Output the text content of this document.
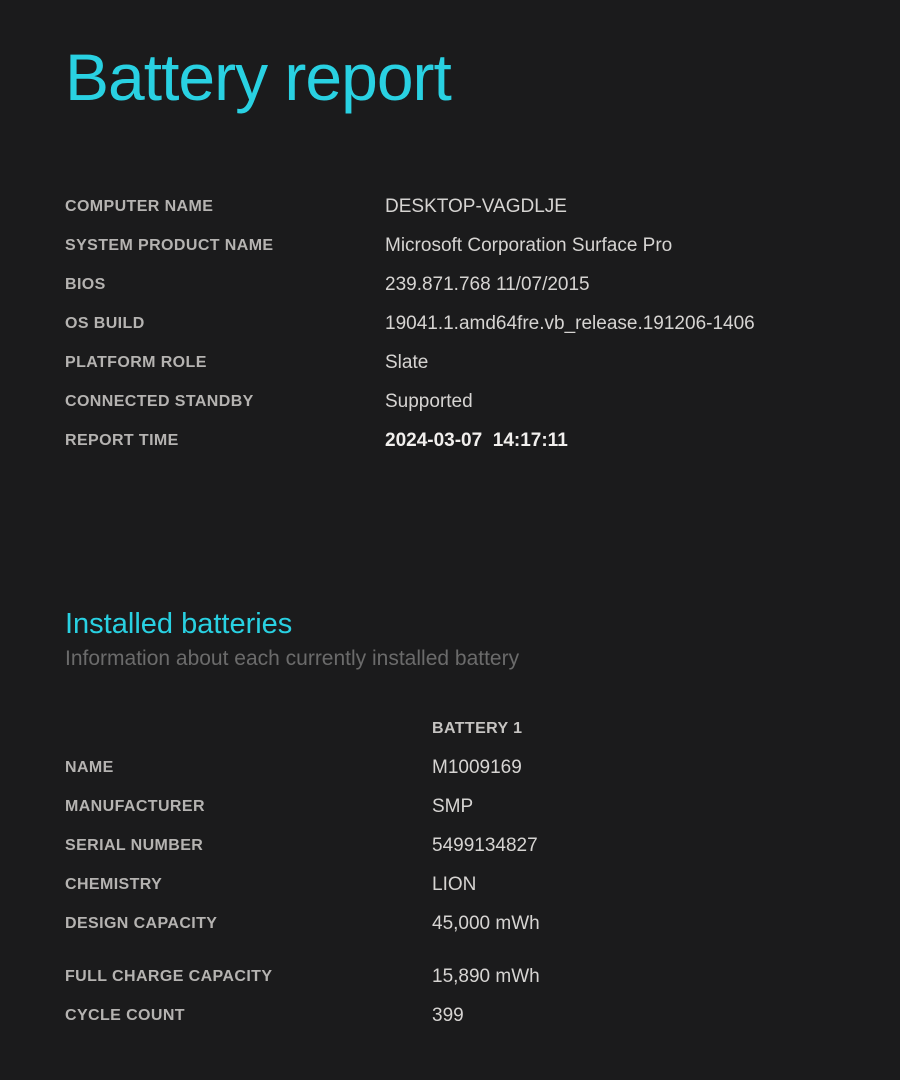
Battery report
COMPUTER NAME	DESKTOP-VAGDLJE
SYSTEM PRODUCT NAME	Microsoft Corporation Surface Pro
BIOS	239.871.768 11/07/2015
OS BUILD	19041.1.amd64fre.vb_release.191206-1406
PLATFORM ROLE	Slate
CONNECTED STANDBY	Supported
REPORT TIME	2024-03-07  14:17:11
Installed batteries
Information about each currently installed battery
BATTERY 1
NAME	M1009169
MANUFACTURER	SMP
SERIAL NUMBER	5499134827
CHEMISTRY	LION
DESIGN CAPACITY	45,000 mWh
FULL CHARGE CAPACITY	15,890 mWh
CYCLE COUNT	399
